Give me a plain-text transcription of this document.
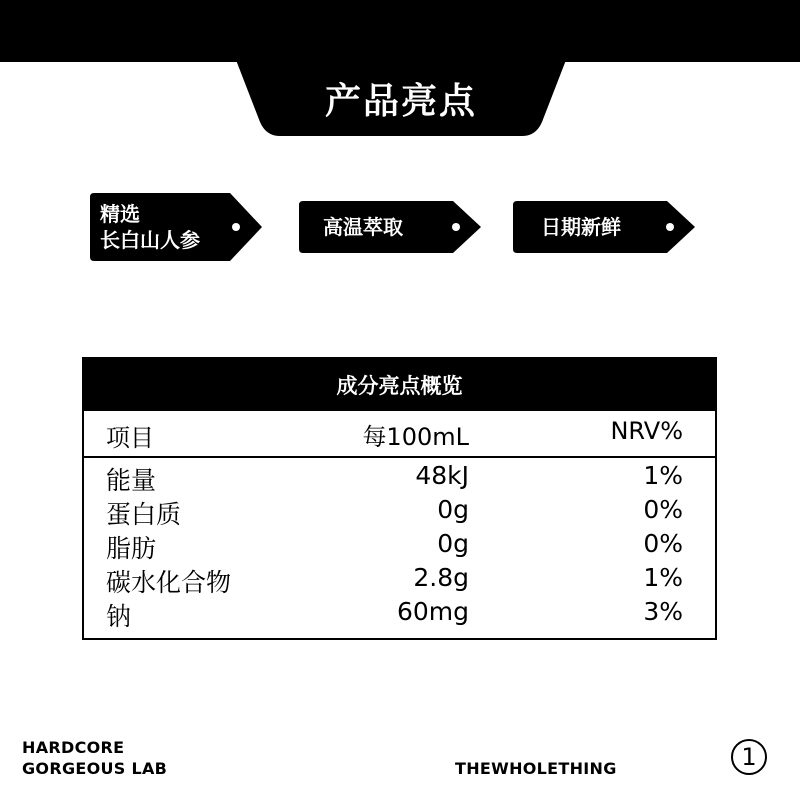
产品亮点
精选
长白山人参
高温萃取	日期新鲜
成分亮点概览
项目	每100mL	NRV%
能量	48kJ	1%
蛋白质	0g	0%
脂肪	0g	0%
碳水化合物	2.8g	1%
钠	60mg	3%
HARDCORE
GORGEOUS LAB	THEWHOLETHING	1
